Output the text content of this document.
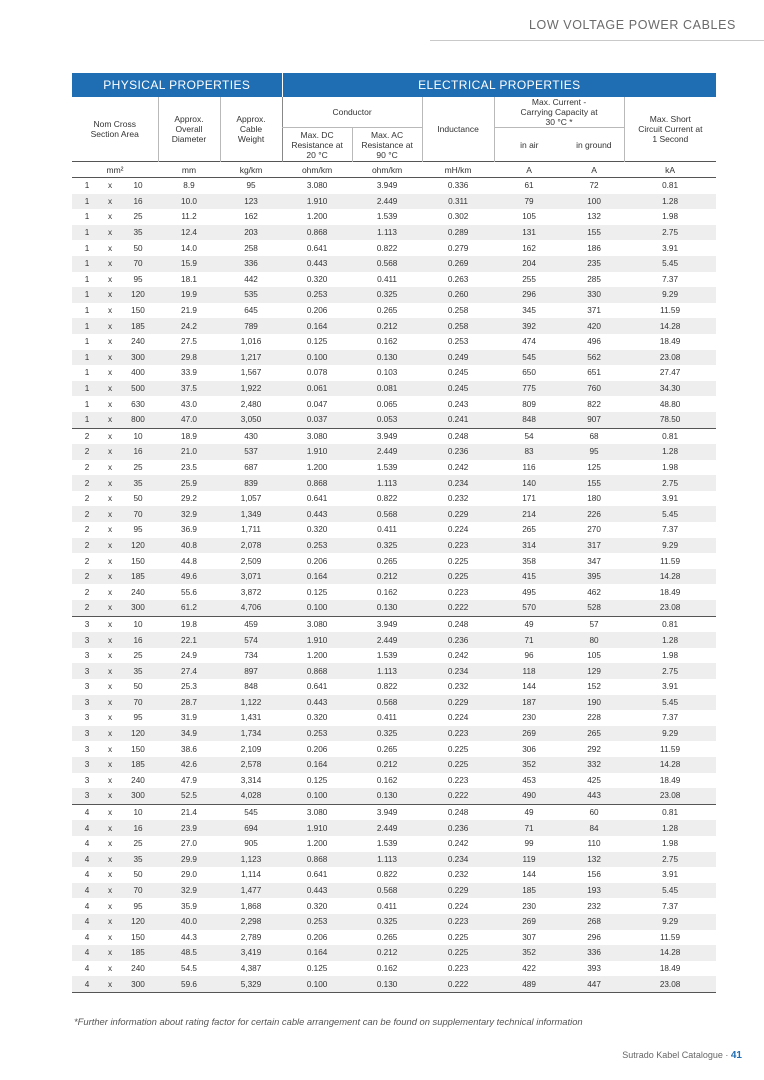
LOW VOLTAGE POWER CABLES
PHYSICAL PROPERTIES					ELECTRICAL PROPERTIES					
Nom Cross Section Area			Approx. Overall Diameter	Approx. Cable Weight	Conductor		Inductance	Max. Current - Carrying Capacity at 30 °C *		Max. Short Circuit Current at 1 Second
					Max. DC Resistance at 20 °C	Max. AC Resistance at 90 °C		in air	in ground	
mm²			mm	kg/km	ohm/km	ohm/km	mH/km	A	A	kA
1	x	10	8.9	95	3.080	3.949	0.336	61	72	0.81
1	x	16	10.0	123	1.910	2.449	0.311	79	100	1.28
1	x	25	11.2	162	1.200	1.539	0.302	105	132	1.98
1	x	35	12.4	203	0.868	1.113	0.289	131	155	2.75
1	x	50	14.0	258	0.641	0.822	0.279	162	186	3.91
1	x	70	15.9	336	0.443	0.568	0.269	204	235	5.45
1	x	95	18.1	442	0.320	0.411	0.263	255	285	7.37
1	x	120	19.9	535	0.253	0.325	0.260	296	330	9.29
1	x	150	21.9	645	0.206	0.265	0.258	345	371	11.59
1	x	185	24.2	789	0.164	0.212	0.258	392	420	14.28
1	x	240	27.5	1,016	0.125	0.162	0.253	474	496	18.49
1	x	300	29.8	1,217	0.100	0.130	0.249	545	562	23.08
1	x	400	33.9	1,567	0.078	0.103	0.245	650	651	27.47
1	x	500	37.5	1,922	0.061	0.081	0.245	775	760	34.30
1	x	630	43.0	2,480	0.047	0.065	0.243	809	822	48.80
1	x	800	47.0	3,050	0.037	0.053	0.241	848	907	78.50
2	x	10	18.9	430	3.080	3.949	0.248	54	68	0.81
2	x	16	21.0	537	1.910	2.449	0.236	83	95	1.28
2	x	25	23.5	687	1.200	1.539	0.242	116	125	1.98
2	x	35	25.9	839	0.868	1.113	0.234	140	155	2.75
2	x	50	29.2	1,057	0.641	0.822	0.232	171	180	3.91
2	x	70	32.9	1,349	0.443	0.568	0.229	214	226	5.45
2	x	95	36.9	1,711	0.320	0.411	0.224	265	270	7.37
2	x	120	40.8	2,078	0.253	0.325	0.223	314	317	9.29
2	x	150	44.8	2,509	0.206	0.265	0.225	358	347	11.59
2	x	185	49.6	3,071	0.164	0.212	0.225	415	395	14.28
2	x	240	55.6	3,872	0.125	0.162	0.223	495	462	18.49
2	x	300	61.2	4,706	0.100	0.130	0.222	570	528	23.08
3	x	10	19.8	459	3.080	3.949	0.248	49	57	0.81
3	x	16	22.1	574	1.910	2.449	0.236	71	80	1.28
3	x	25	24.9	734	1.200	1.539	0.242	96	105	1.98
3	x	35	27.4	897	0.868	1.113	0.234	118	129	2.75
3	x	50	25.3	848	0.641	0.822	0.232	144	152	3.91
3	x	70	28.7	1,122	0.443	0.568	0.229	187	190	5.45
3	x	95	31.9	1,431	0.320	0.411	0.224	230	228	7.37
3	x	120	34.9	1,734	0.253	0.325	0.223	269	265	9.29
3	x	150	38.6	2,109	0.206	0.265	0.225	306	292	11.59
3	x	185	42.6	2,578	0.164	0.212	0.225	352	332	14.28
3	x	240	47.9	3,314	0.125	0.162	0.223	453	425	18.49
3	x	300	52.5	4,028	0.100	0.130	0.222	490	443	23.08
4	x	10	21.4	545	3.080	3.949	0.248	49	60	0.81
4	x	16	23.9	694	1.910	2.449	0.236	71	84	1.28
4	x	25	27.0	905	1.200	1.539	0.242	99	110	1.98
4	x	35	29.9	1,123	0.868	1.113	0.234	119	132	2.75
4	x	50	29.0	1,114	0.641	0.822	0.232	144	156	3.91
4	x	70	32.9	1,477	0.443	0.568	0.229	185	193	5.45
4	x	95	35.9	1,868	0.320	0.411	0.224	230	232	7.37
4	x	120	40.0	2,298	0.253	0.325	0.223	269	268	9.29
4	x	150	44.3	2,789	0.206	0.265	0.225	307	296	11.59
4	x	185	48.5	3,419	0.164	0.212	0.225	352	336	14.28
4	x	240	54.5	4,387	0.125	0.162	0.223	422	393	18.49
4	x	300	59.6	5,329	0.100	0.130	0.222	489	447	23.08
*Further information about rating factor for certain cable arrangement can be found on supplementary technical information
Sutrado Kabel Catalogue · 41
